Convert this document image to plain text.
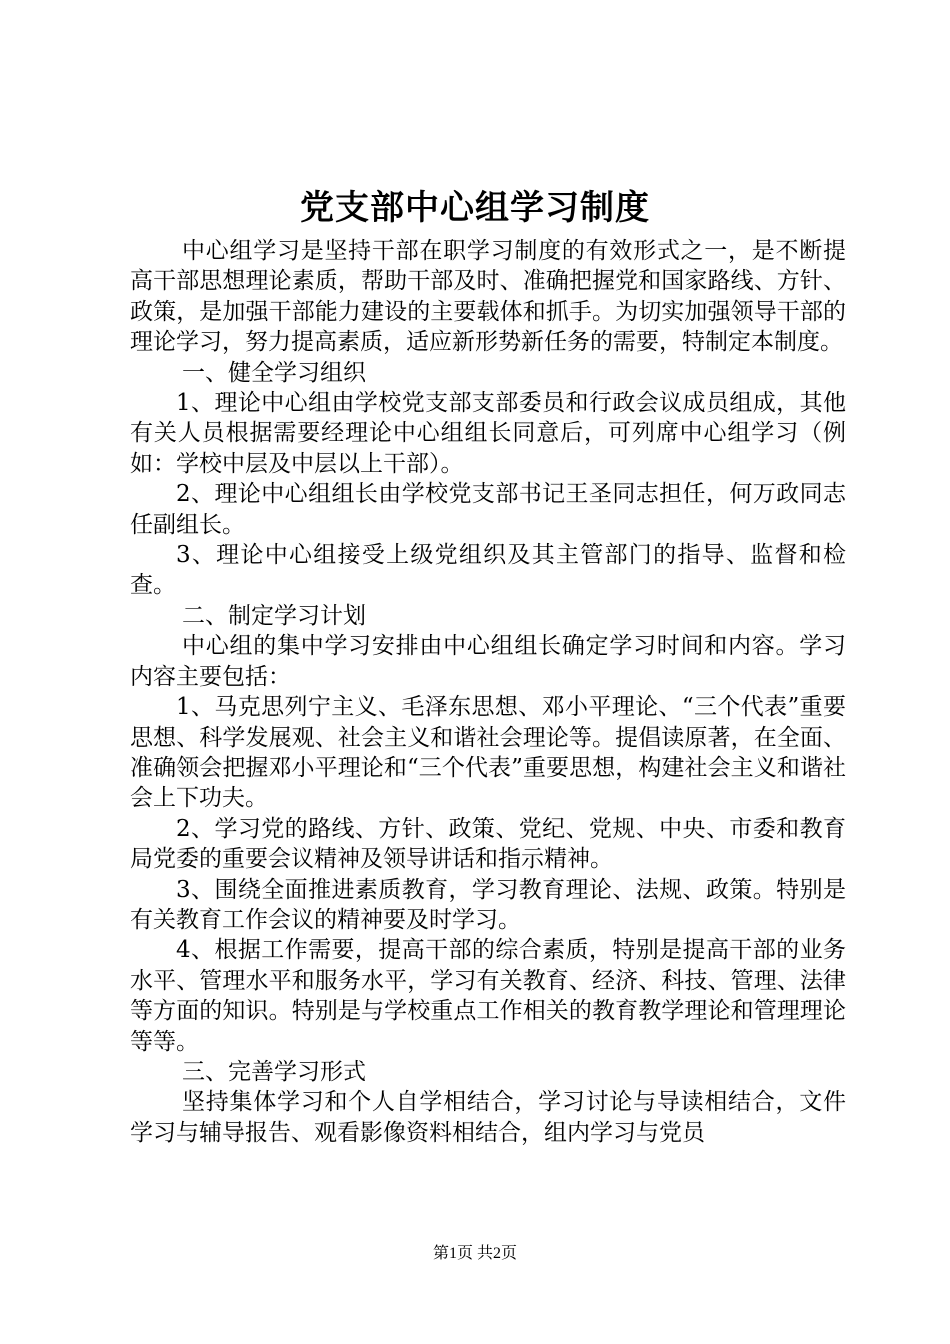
党支部中心组学习制度

中心组学习是坚持干部在职学习制度的有效形式之一，是不断提高干部思想理论素质，帮助干部及时、准确把握党和国家路线、方针、政策，是加强干部能力建设的主要载体和抓手。为切实加强领导干部的理论学习，努力提高素质，适应新形势新任务的需要，特制定本制度。

一、健全学习组织

1、理论中心组由学校党支部支部委员和行政会议成员组成，其他有关人员根据需要经理论中心组组长同意后，可列席中心组学习（例如：学校中层及中层以上干部）。

2、理论中心组组长由学校党支部书记王圣同志担任，何万政同志任副组长。

3、理论中心组接受上级党组织及其主管部门的指导、监督和检查。

二、制定学习计划

中心组的集中学习安排由中心组组长确定学习时间和内容。学习内容主要包括：

1、马克思列宁主义、毛泽东思想、邓小平理论、“三个代表”重要思想、科学发展观、社会主义和谐社会理论等。提倡读原著，在全面、准确领会把握邓小平理论和“三个代表”重要思想，构建社会主义和谐社会上下功夫。

2、学习党的路线、方针、政策、党纪、党规、中央、市委和教育局党委的重要会议精神及领导讲话和指示精神。

3、围绕全面推进素质教育，学习教育理论、法规、政策。特别是有关教育工作会议的精神要及时学习。

4、根据工作需要，提高干部的综合素质，特别是提高干部的业务水平、管理水平和服务水平，学习有关教育、经济、科技、管理、法律等方面的知识。特别是与学校重点工作相关的教育教学理论和管理理论等等。

三、完善学习形式

坚持集体学习和个人自学相结合，学习讨论与导读相结合，文件学习与辅导报告、观看影像资料相结合，组内学习与党员

第1页 共2页
